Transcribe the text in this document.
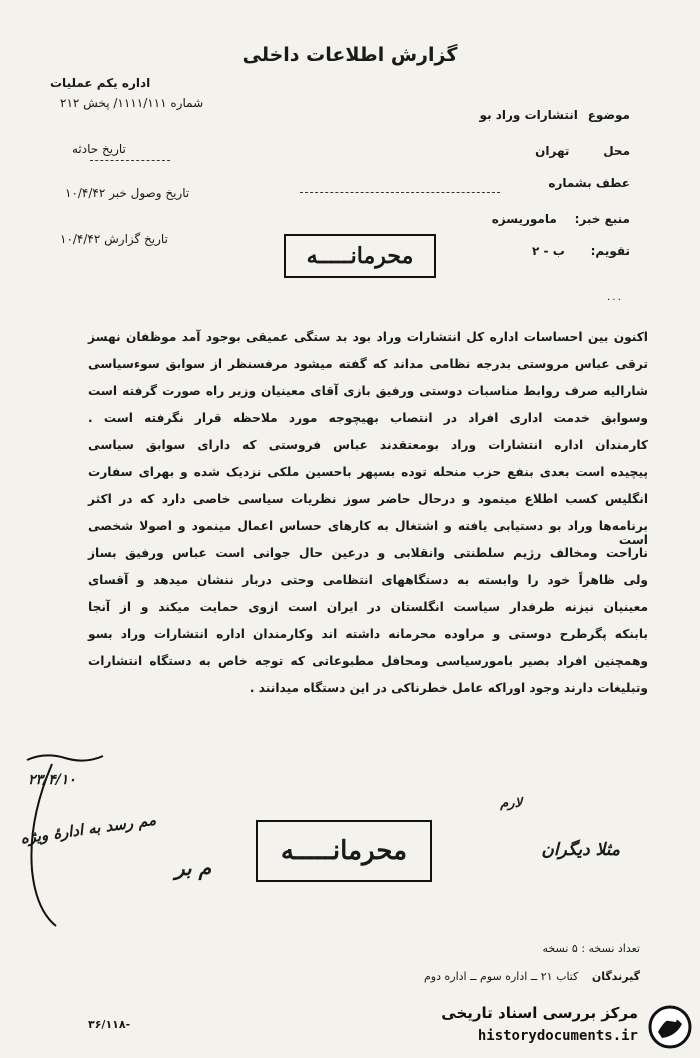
گزارش اطلاعات داخلی
اداره یکم عملیات
شماره ۱۱۱۱/۱۱۱/ پخش ۲۱۲
تاریخ حادثه
تاریخ وصول خبر ۱۰/۴/۴۲
تاریخ گزارش ۱۰/۴/۴۲
موضوع انتشارات وراد بو
محل تهران
عطف بشماره
منبع خبر: ماموریسزه
تقویم: ب - ۲
محرمانـــــه
۰۰۰
اکنون بین احساسات اداره کل انتشارات وراد بود بد ستگی عمیقی بوجود آمد موظفان نهسز
ترقی عباس مروستی بدرجه نظامی مداند که گفته میشود مرفسنظر از سوابق سوءسیاسی
شارالیه صرف روابط مناسبات دوستی ورفیق بازی آقای معینیان وزیر راه صورت گرفته است
وسوابق خدمت اداری افراد در انتصاب بهیچوجه مورد ملاحظه قرار نگرفته است .
کارمندان اداره انتشارات وراد بومعتقدند عباس فروستی که دارای سوابق سیاسی
پیچیده است بعدی بنفع حزب منحله توده بسپهر باحسین ملکی نزدیک شده و بهرای سفارت
انگلیس کسب اطلاع مینمود و درحال حاضر سوز نظریات سیاسی خاصی دارد که در اکثر
برنامه‌ها وراد بو دستیابی یافته و اشتغال به کارهای حساس اعمال مینمود و اصولا شخصی است
ناراحت ومخالف رژیم سلطنتی وانقلابی و درعین حال جوانی است عباس ورفیق بساز
ولی ظاهراً خود را وابسته به دستگاههای انتظامی وحتی دربار ننشان میدهد و آقسای
معینیان نیزنه طرفدار سیاست انگلستان در ایران است ازوی حمایت میکند و از آنجا
بابنکه پگرطرح دوستی و مراوده محرمانه داشته اند وکارمندان اداره انتشارات وراد بسو
وهمچنین افراد بصیر بامورسیاسی ومحافل مطبوعاتی که توجه خاص به دستگاه انتشارات
وتبلیغات دارند وجود اوراکه عامل خطرناکی در این دستگاه میدانند .
۲۳/۴/۱۰
مم رسد به ادارهٔ ویژه
م بر
لارم
مثلا دیگران
محرمانـــــه
تعداد نسخه : ۵ نسخه
گیرندگان کتاب ۲۱ ــ اداره سوم ــ اداره دوم
۳۶/۱۱۸-
مرکز بررسی اسناد تاریخی
historydocuments.ir
